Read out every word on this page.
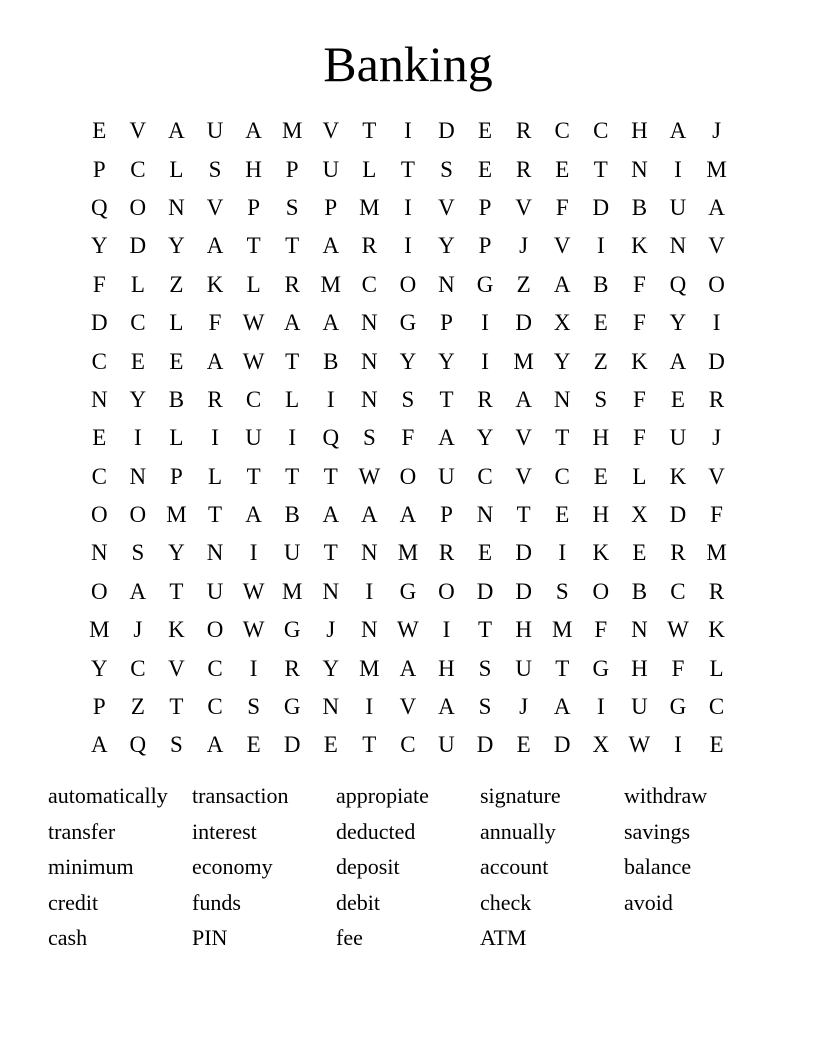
Banking
E	V A U A M V	T	I	D	E	R	C	C H A	J
P	C	L	S	H	P	U	L	T	S	E	R	E	T	N	I	M
Q O N V	P	S	P M	I	V	P	V	F	D B U A
Y D Y A	T	T	A R	I	Y	P	J	V	I	K N V
F	L	Z	K	L	R M C O N G	Z	A B	F	Q O
D C	L	F W A A N G	P	I	D X	E	F	Y	I
C	E	E	A W T	B N Y Y	I	M Y	Z	K A D
N Y B	R	C	L	I	N	S	T	R A N	S	F	E	R
E	I	L	I	U	I	Q	S	F	A Y V	T	H	F	U	J
C N	P	L	T	T	T W O U C V C	E	L	K V
O O M T	A B A A A	P	N	T	E	H X D	F
N	S	Y N	I	U	T	N M R	E	D	I	K	E	R M
O A	T	U W M N	I	G O D D	S	O B	C	R
M	J	K O W G	J	N W	I	T	H M F	N W K
Y C V C	I	R Y M A H	S	U	T	G H	F	L
P	Z	T	C	S	G N	I	V A	S	J	A	I	U G C
A Q	S	A	E	D	E	T	C U D	E	D X W	I	E
automatically	transaction	appropiate	signature	withdraw
transfer	interest	deducted	annually	savings
minimum	economy	deposit	account	balance
credit	funds	debit	check	avoid
cash	PIN	fee	ATM
